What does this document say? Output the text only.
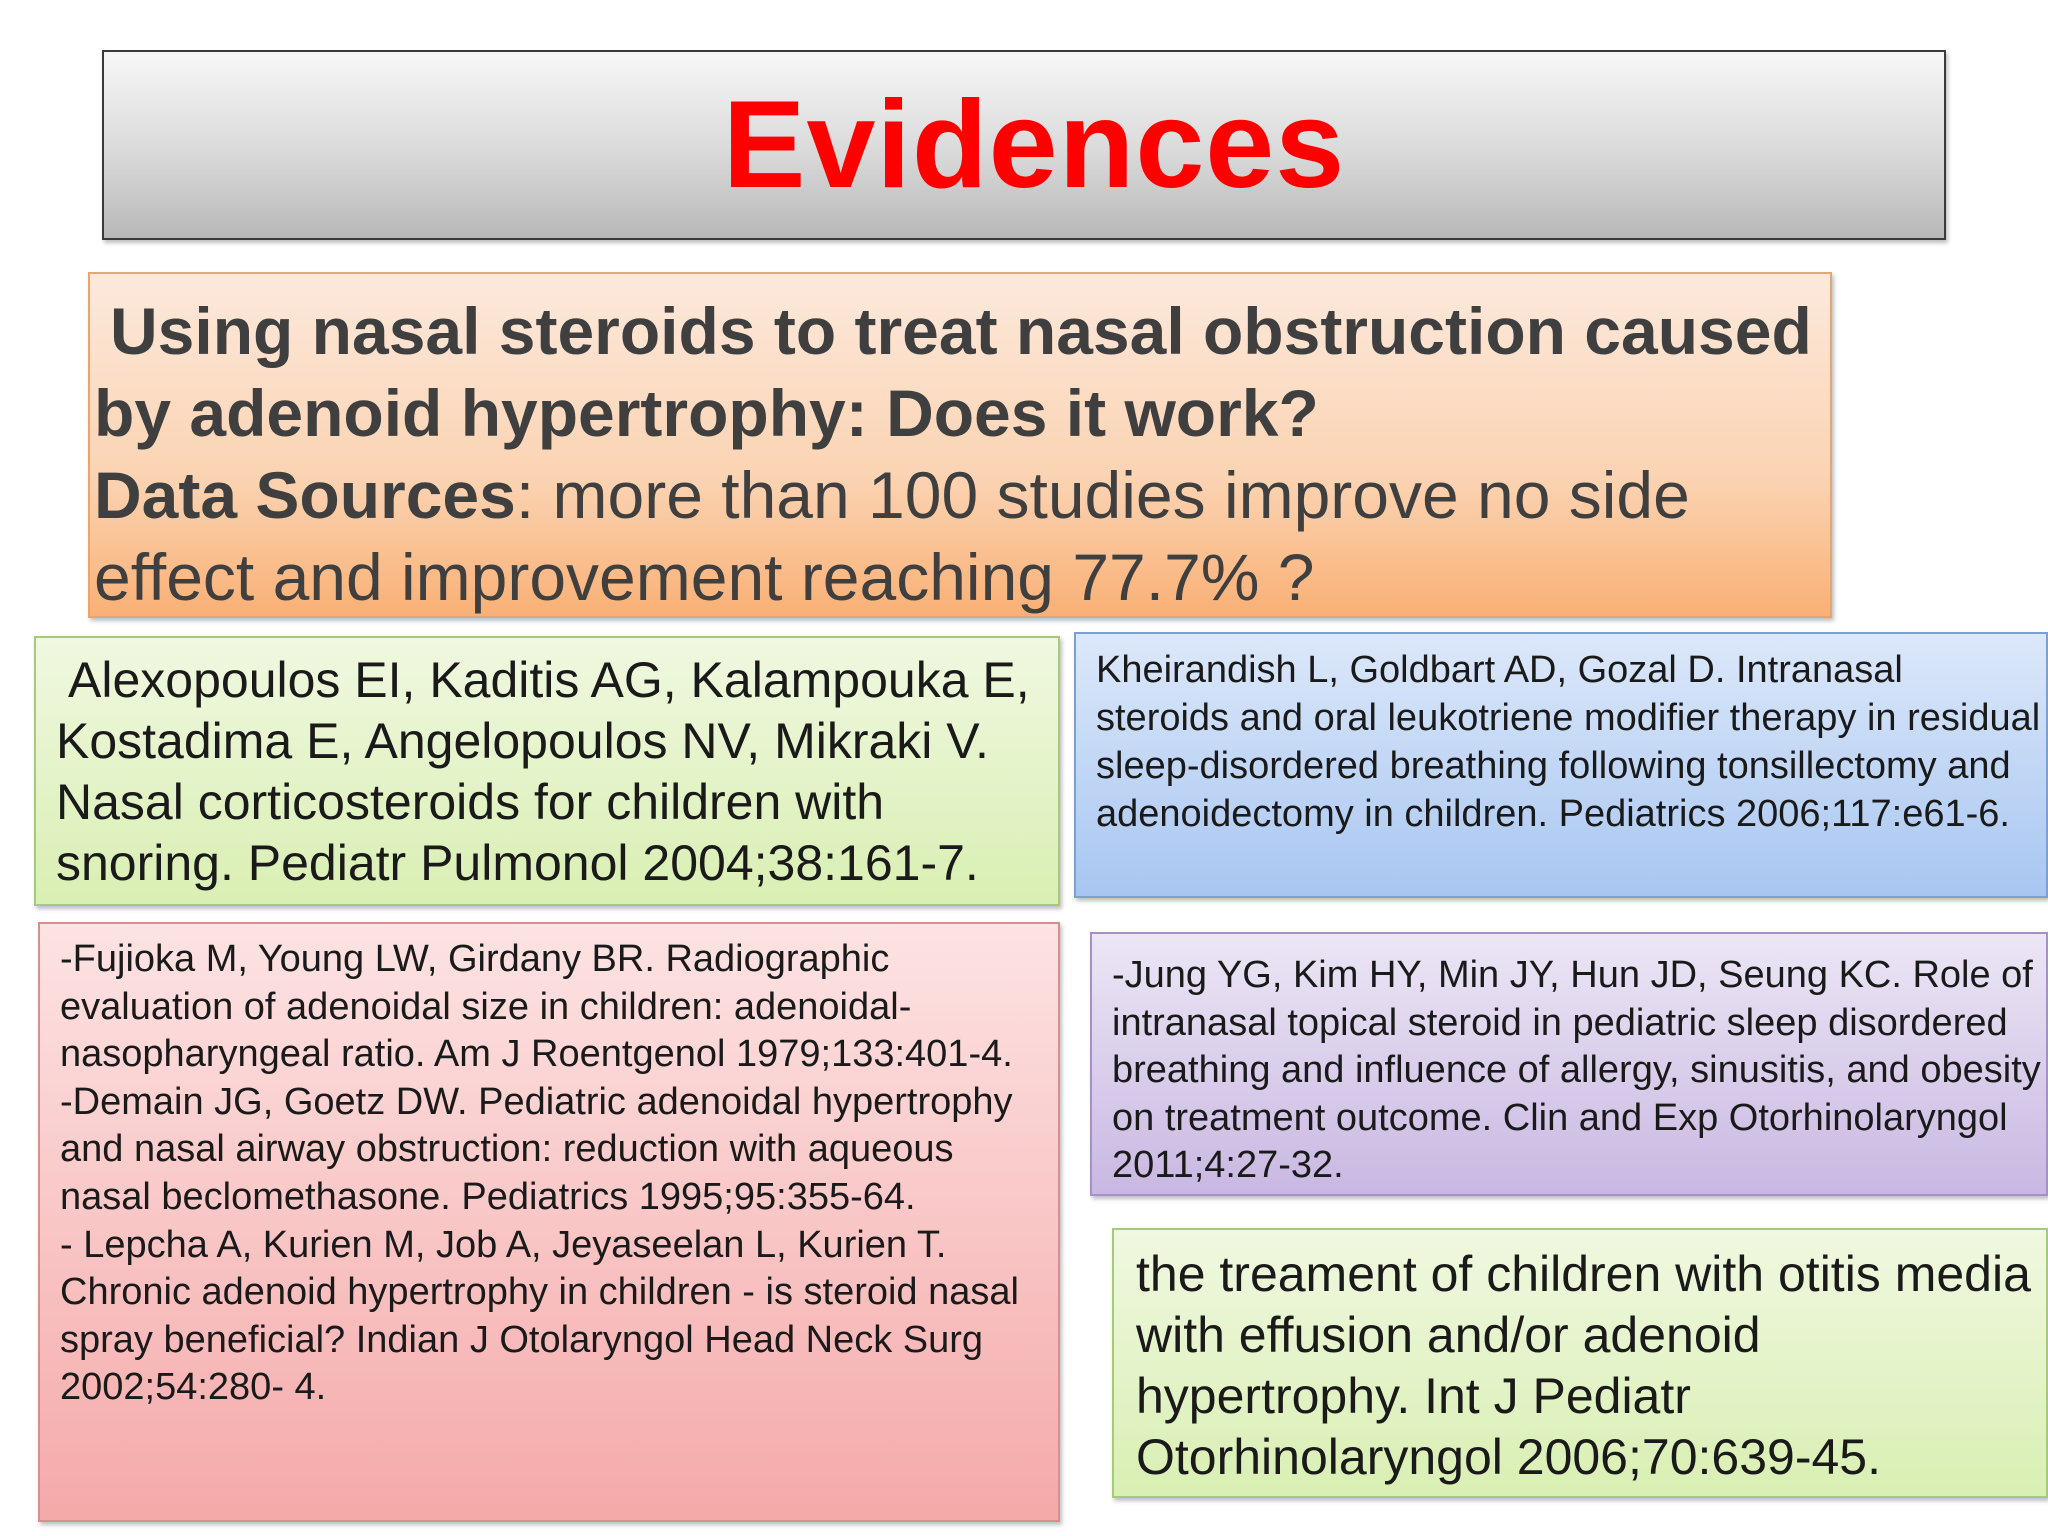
Evidences
Using nasal steroids to treat nasal obstruction caused by adenoid hypertrophy: Does it work?
Data Sources: more than 100 studies improve no side effect and improvement reaching 77.7% ?
Alexopoulos EI, Kaditis AG, Kalampouka E, Kostadima E, Angelopoulos NV, Mikraki V. Nasal corticosteroids for children with snoring. Pediatr Pulmonol 2004;38:161-7.
Kheirandish L, Goldbart AD, Gozal D. Intranasal steroids and oral leukotriene modifier therapy in residual sleep-disordered breathing following tonsillectomy and adenoidectomy in children. Pediatrics 2006;117:e61-6.
-Fujioka M, Young LW, Girdany BR. Radiographic evaluation of adenoidal size in children: adenoidal-nasopharyngeal ratio. Am J Roentgenol 1979;133:401-4.
-Demain JG, Goetz DW. Pediatric adenoidal hypertrophy and nasal airway obstruction: reduction with aqueous nasal beclomethasone. Pediatrics 1995;95:355-64.
- Lepcha A, Kurien M, Job A, Jeyaseelan L, Kurien T. Chronic adenoid hypertrophy in children - is steroid nasal spray beneficial? Indian J Otolaryngol Head Neck Surg 2002;54:280- 4.
-Jung YG, Kim HY, Min JY, Hun JD, Seung KC. Role of intranasal topical steroid in pediatric sleep disordered breathing and influence of allergy, sinusitis, and obesity on treatment outcome. Clin and Exp Otorhinolaryngol 2011;4:27-32.
the treament of children with otitis media with effusion and/or adenoid hypertrophy. Int J Pediatr Otorhinolaryngol 2006;70:639-45.
